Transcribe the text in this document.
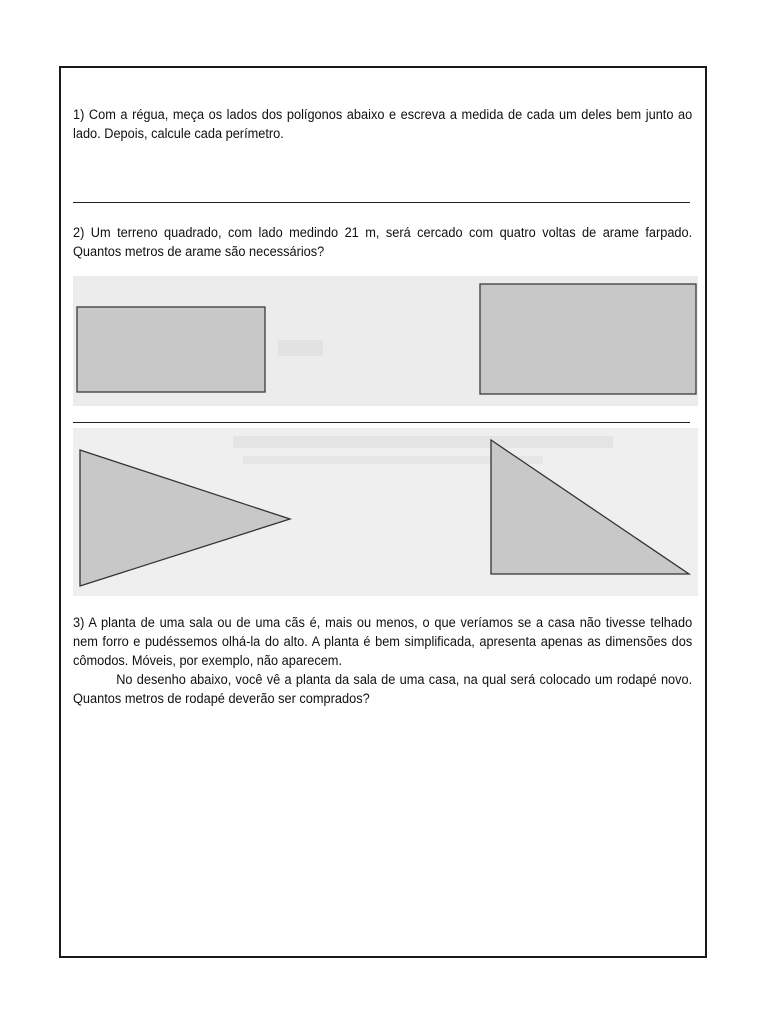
1) Com a régua, meça os lados dos polígonos abaixo e escreva a medida de cada um deles bem junto ao lado. Depois, calcule cada perímetro.

2) Um terreno quadrado, com lado medindo 21 m, será cercado com quatro voltas de arame farpado. Quantos metros de arame são necessários?

3) A planta de uma sala ou de uma cãs é, mais ou menos, o que veríamos se a casa não tivesse telhado nem forro e pudéssemos olhá-la do alto. A planta é bem simplificada, apresenta apenas as dimensões dos cômodos. Móveis, por exemplo, não aparecem.

No desenho abaixo, você vê a planta da sala de uma casa, na qual será colocado um rodapé novo. Quantos metros de rodapé deverão ser comprados?
